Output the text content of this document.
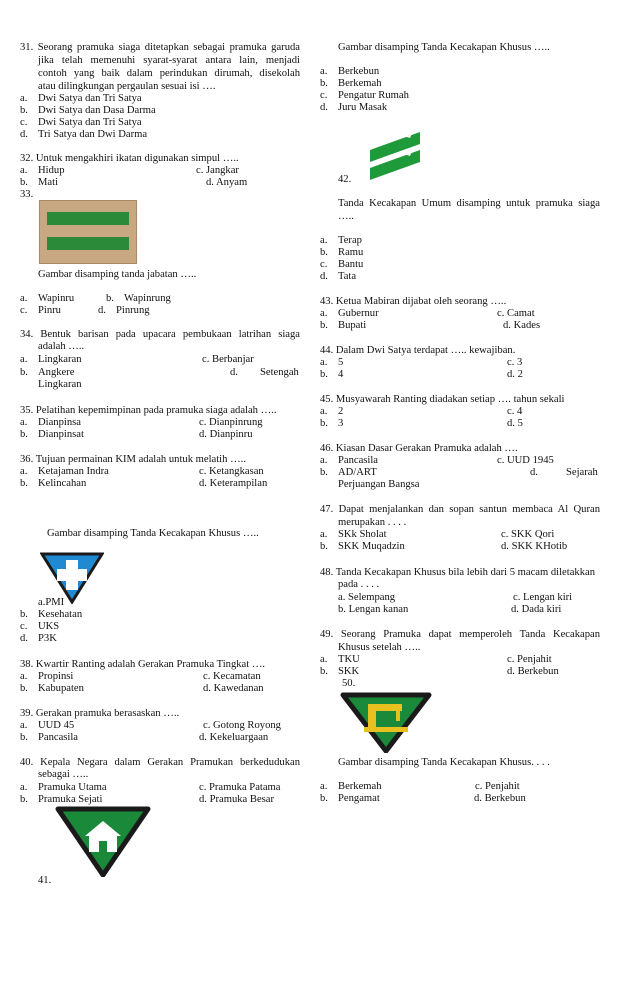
31. Seorang pramuka siaga ditetapkan sebagai pramuka garuda
jika telah memenuhi syarat-syarat antara lain, menjadi
contoh yang baik dalam perindukan dirumah, disekolah
atau dilingkungan pergaulan sesuai isi ….
a. Dwi Satya dan Tri Satya
b. Dwi Satya dan Dasa Darma
c. Dwi Satya dan Tri Satya
d. Tri Satya dan Dwi Darma
32. Untuk mengakhiri ikatan digunakan simpul …..
a. Hidup	c. Jangkar
b. Mati	d. Anyam
33.
Gambar disamping tanda jabatan …..
a. Wapinru	b. Wapinrung
c. Pinru	d. Pinrung
34. Bentuk barisan pada upacara pembukaan latrihan siaga
adalah …..
a. Lingkaran	c. Berbanjar
b. Angkere	d. Setengah
Lingkaran
35. Pelatihan kepemimpinan pada pramuka siaga adalah …..
a. Dianpinsa	c. Dianpinrung
b. Dianpinsat	d. Dianpinru
36. Tujuan permainan KIM adalah untuk melatih …..
a. Ketajaman Indra	c. Ketangkasan
b. Kelincahan	d. Keterampilan
Gambar disamping Tanda Kecakapan Khusus …..
a.PMI
b. Kesehatan
c. UKS
d. P3K
38. Kwartir Ranting adalah Gerakan Pramuka Tingkat ….
a. Propinsi	c. Kecamatan
b. Kabupaten	d. Kawedanan
39. Gerakan pramuka berasaskan …..
a. UUD 45	c. Gotong Royong
b. Pancasila	d. Kekeluargaan
40. Kepala Negara dalam Gerakan Pramukan berkedudukan
sebagai …..
a. Pramuka Utama	c. Pramuka Patama
b. Pramuka Sejati	d. Pramuka Besar
41.
Gambar disamping Tanda Kecakapan Khusus …..
a. Berkebun
b. Berkemah
c. Pengatur Rumah
d. Juru Masak
42.
Tanda Kecakapan Umum disamping untuk pramuka siaga
…..
a. Terap
b. Ramu
c. Bantu
d. Tata
43. Ketua Mabiran dijabat oleh seorang …..
a. Gubernur	c. Camat
b. Bupati	d. Kades
44. Dalam Dwi Satya terdapat ….. kewajiban.
a. 5	c. 3
b. 4	d. 2
45. Musyawarah Ranting diadakan setiap …. tahun sekali
a. 2	c. 4
b. 3	d. 5
46. Kiasan Dasar Gerakan Pramuka adalah ….
a. Pancasila	c. UUD 1945
b. AD/ART	d.	Sejarah
Perjuangan Bangsa
47. Dapat menjalankan dan sopan santun membaca Al Quran
merupakan . . . .
a. SKk Sholat	c. SKK Qori
b. SKK Muqadzin	d. SKK KHotib
48. Tanda Kecakapan Khusus bila lebih dari 5 macam diletakkan
pada . . . .
a. Selempang	c. Lengan kiri
b. Lengan kanan	d. Dada kiri
49. Seorang Pramuka dapat memperoleh Tanda Kecakapan
Khusus setelah …..
a. TKU	c. Penjahit
b. SKK	d. Berkebun
50.
Gambar disamping Tanda Kecakapan Khusus. . . .
a. Berkemah	c. Penjahit
b. Pengamat	d. Berkebun
